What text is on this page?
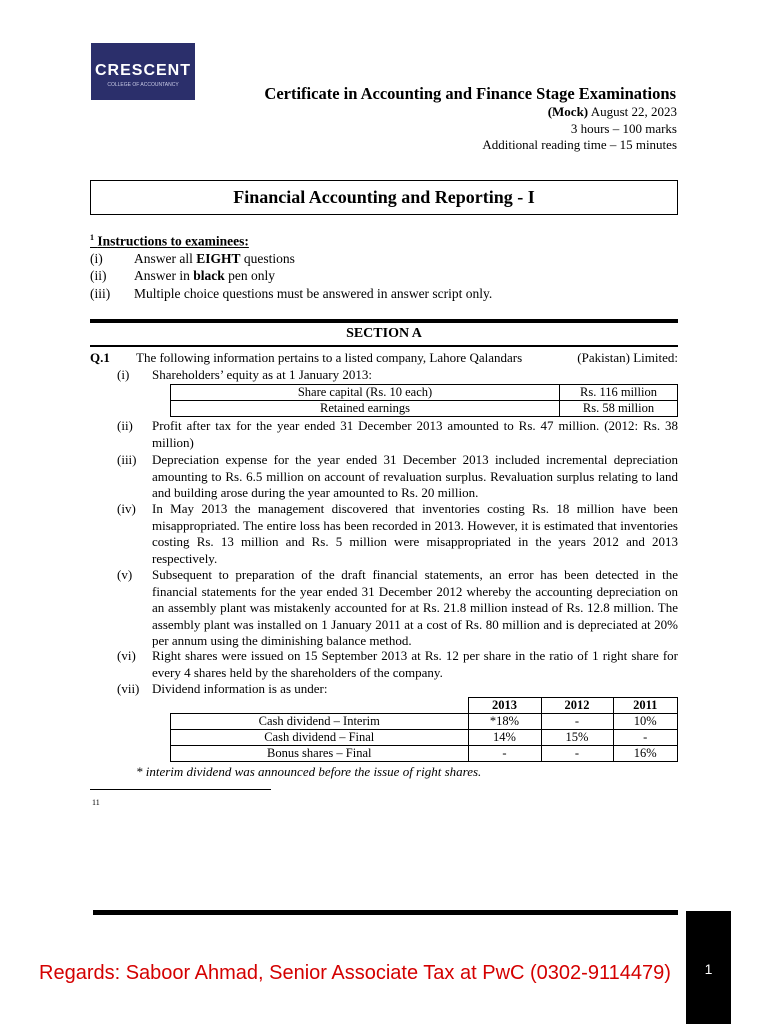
CRESCENT
COLLEGE OF ACCOUNTANCY	Certificate in Accounting and Finance Stage Examinations
(Mock) August 22, 2023
3 hours – 100 marks
Additional reading time – 15 minutes
Financial Accounting and Reporting - I
$^1$ Instructions to examinees:
(i) Answer all EIGHT questions
(ii) Answer in black pen only
(iii) Multiple choice questions must be answered in answer script only.
SECTION A
Q.1 The following information pertains to a listed company, Lahore Qalandars	(Pakistan) Limited:
(i) Shareholders’ equity as at 1 January 2013:
Share capital (Rs. 10 each)	Rs. 116 million
Retained earnings	Rs. 58 million
(ii) Profit after tax for the year ended 31 December 2013 amounted to Rs. 47 million. (2012: Rs. 38 million)
(iii) Depreciation expense for the year ended 31 December 2013 included incremental depreciation amounting to Rs. 6.5 million on account of revaluation surplus. Revaluation surplus relating to land and building arose during the year amounted to Rs. 20 million.
(iv) In May 2013 the management discovered that inventories costing Rs. 18 million have been misappropriated. The entire loss has been recorded in 2013. However, it is estimated that inventories costing Rs. 13 million and Rs. 5 million were misappropriated in the years 2012 and 2013 respectively.
(v) Subsequent to preparation of the draft financial statements, an error has been detected in the financial statements for the year ended 31 December 2012 whereby the accounting depreciation on an assembly plant was mistakenly accounted for at Rs. 21.8 million instead of Rs. 12.8 million. The assembly plant was installed on 1 January 2011 at a cost of Rs. 80 million and is depreciated at 20% per annum using the diminishing balance method.
(vi) Right shares were issued on 15 September 2013 at Rs. 12 per share in the ratio of 1 right share for every 4 shares held by the shareholders of the company.
(vii) Dividend information is as under:
	2013	2012	2011
Cash dividend – Interim	*18%	-	10%
Cash dividend – Final	14%	15%	-
Bonus shares – Final	-	-	16%
* interim dividend was announced before the issue of right shares.
11
Regards: Saboor Ahmad, Senior Associate Tax at PwC (0302-9114479)	1
